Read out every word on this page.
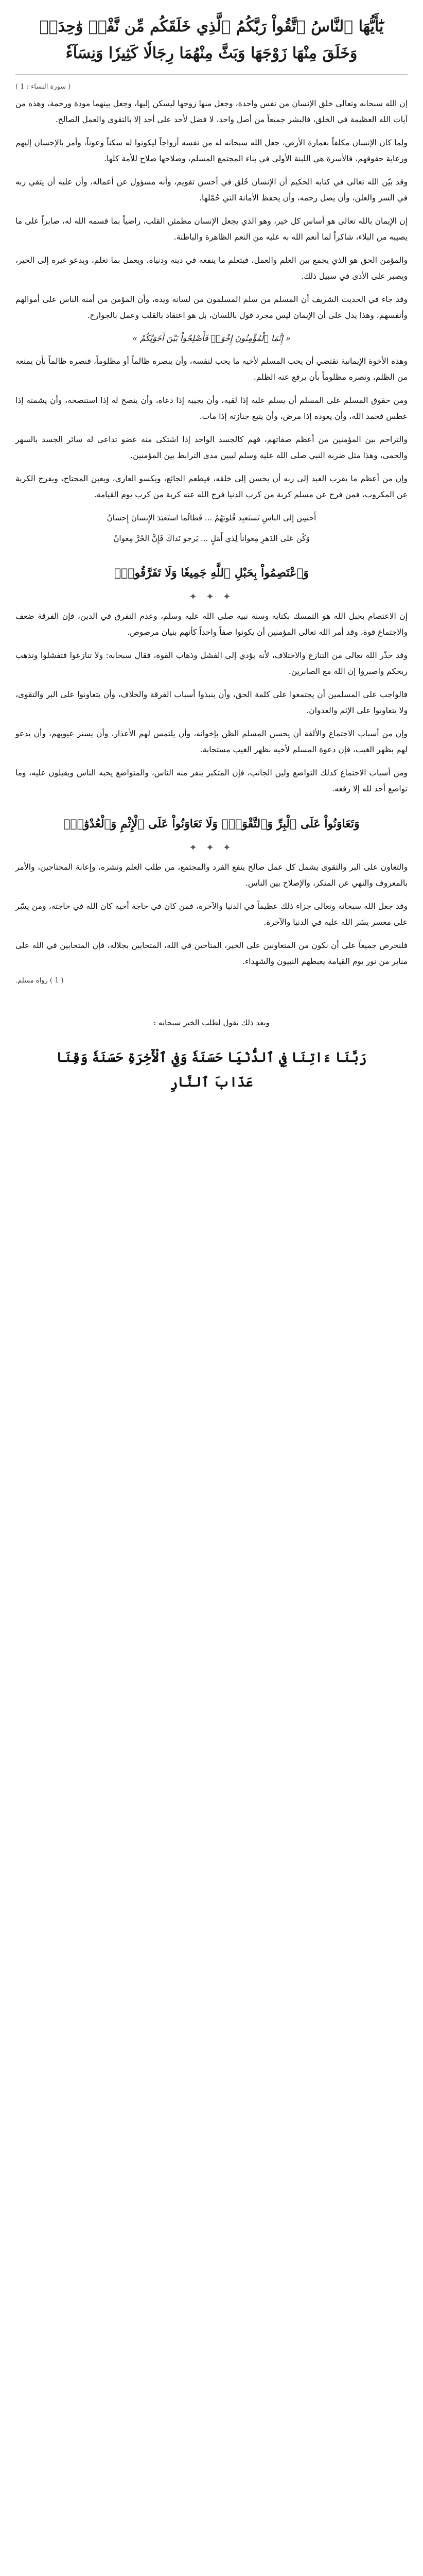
يَٰٓأَيُّهَا ٱلنَّاسُ ٱتَّقُواْ رَبَّكُمُ ٱلَّذِي خَلَقَكُم مِّن نَّفْسٖ وَٰحِدَةٖ وَخَلَقَ مِنْهَا زَوْجَهَا وَبَثَّ مِنْهُمَا رِجَالٗا كَثِيرٗا وَنِسَآءٗ
( سورة النساء : 1 )

إن الله سبحانه وتعالى خلق الإنسان من نفس واحدة، وجعل منها زوجها ليسكن إليها، وجعل بينهما مودة ورحمة، وهذه من آيات الله العظيمة في الخلق، فالبشر جميعاً من أصل واحد، لا فضل لأحد على أحد إلا بالتقوى والعمل الصالح.

ولما كان الإنسان مكلفاً بعمارة الأرض، جعل الله سبحانه له من نفسه أزواجاً ليكونوا له سكناً وعوناً، وأمر بالإحسان إليهم ورعاية حقوقهم، فالأسرة هي اللبنة الأولى في بناء المجتمع المسلم، وصلاحها صلاح للأمة كلها.

وقد بيّن الله تعالى في كتابه الحكيم أن الإنسان خُلق في أحسن تقويم، وأنه مسؤول عن أعماله، وأن عليه أن يتقي ربه في السر والعلن، وأن يصل رحمه، وأن يحفظ الأمانة التي حُمّلها.

إن الإيمان بالله تعالى هو أساس كل خير، وهو الذي يجعل الإنسان مطمئن القلب، راضياً بما قسمه الله له، صابراً على ما يصيبه من البلاء، شاكراً لما أنعم الله به عليه من النعم الظاهرة والباطنة.

والمؤمن الحق هو الذي يجمع بين العلم والعمل، فيتعلم ما ينفعه في دينه ودنياه، ويعمل بما تعلم، ويدعو غيره إلى الخير، ويصبر على الأذى في سبيل ذلك.

وقد جاء في الحديث الشريف أن المسلم من سلم المسلمون من لسانه ويده، وأن المؤمن من أمنه الناس على أموالهم وأنفسهم، وهذا يدل على أن الإيمان ليس مجرد قول باللسان، بل هو اعتقاد بالقلب وعمل بالجوارح.

« إِنَّمَا ٱلْمُؤْمِنُونَ إِخْوَةٞ فَأَصْلِحُواْ بَيْنَ أَخَوَيْكُمْ »

وهذه الأخوة الإيمانية تقتضي أن يحب المسلم لأخيه ما يحب لنفسه، وأن ينصره ظالماً أو مظلوماً، فنصره ظالماً بأن يمنعه من الظلم، ونصره مظلوماً بأن يرفع عنه الظلم.

ومن حقوق المسلم على المسلم أن يسلم عليه إذا لقيه، وأن يجيبه إذا دعاه، وأن ينصح له إذا استنصحه، وأن يشمته إذا عطس فحمد الله، وأن يعوده إذا مرض، وأن يتبع جنازته إذا مات.

والتراحم بين المؤمنين من أعظم صفاتهم، فهم كالجسد الواحد إذا اشتكى منه عضو تداعى له سائر الجسد بالسهر والحمى، وهذا مثل ضربه النبي صلى الله عليه وسلم ليبين مدى الترابط بين المؤمنين.

وإن من أعظم ما يقرب العبد إلى ربه أن يحسن إلى خلقه، فيطعم الجائع، ويكسو العاري، ويعين المحتاج، ويفرج الكربة عن المكروب، فمن فرج عن مسلم كربة من كرب الدنيا فرج الله عنه كربة من كرب يوم القيامة.

أَحسِن إلى الناسِ تَستَعبِد قُلوبَهُمُ ... فَطالَما استَعبَدَ الإِنسانَ إِحسانُ
وَكُن عَلى الدَهرِ مِعواناً لِذي أَمَلٍ ... يَرجو نَداكَ فَإِنَّ الحُرَّ مِعوانُ
وَٱعْتَصِمُواْ بِحَبْلِ ٱللَّهِ جَمِيعٗا وَلَا تَفَرَّقُواْۚ
✦ ✦ ✦

إن الاعتصام بحبل الله هو التمسك بكتابه وسنة نبيه صلى الله عليه وسلم، وعدم التفرق في الدين، فإن الفرقة ضعف والاجتماع قوة، وقد أمر الله تعالى المؤمنين أن يكونوا صفاً واحداً كأنهم بنيان مرصوص.

وقد حذّر الله تعالى من التنازع والاختلاف، لأنه يؤدي إلى الفشل وذهاب القوة، فقال سبحانه: ولا تنازعوا فتفشلوا وتذهب ريحكم واصبروا إن الله مع الصابرين.

فالواجب على المسلمين أن يجتمعوا على كلمة الحق، وأن ينبذوا أسباب الفرقة والخلاف، وأن يتعاونوا على البر والتقوى، ولا يتعاونوا على الإثم والعدوان.

وإن من أسباب الاجتماع والألفة أن يحسن المسلم الظن بإخوانه، وأن يلتمس لهم الأعذار، وأن يستر عيوبهم، وأن يدعو لهم بظهر الغيب، فإن دعوة المسلم لأخيه بظهر الغيب مستجابة.

ومن أسباب الاجتماع كذلك التواضع ولين الجانب، فإن المتكبر ينفر منه الناس، والمتواضع يحبه الناس ويقبلون عليه، وما تواضع أحد لله إلا رفعه.

وَتَعَاوَنُواْ عَلَى ٱلْبِرِّ وَٱلتَّقْوَىٰۖ وَلَا تَعَاوَنُواْ عَلَى ٱلْإِثْمِ وَٱلْعُدْوَٰنِۚ
✦ ✦ ✦

والتعاون على البر والتقوى يشمل كل عمل صالح ينفع الفرد والمجتمع، من طلب العلم ونشره، وإعانة المحتاجين، والأمر بالمعروف والنهي عن المنكر، والإصلاح بين الناس.

وقد جعل الله سبحانه وتعالى جزاء ذلك عظيماً في الدنيا والآخرة، فمن كان في حاجة أخيه كان الله في حاجته، ومن يسّر على معسر يسّر الله عليه في الدنيا والآخرة.

فلنحرص جميعاً على أن نكون من المتعاونين على الخير، المتآخين في الله، المتحابين بجلاله، فإن المتحابين في الله على منابر من نور يوم القيامة يغبطهم النبيون والشهداء.

( 1 ) رواه مسلم.
وبعد ذلك نقول لطلب الخير سبحانه :
رَبَّنَا ءَاتِنَا فِي ٱلدُّنْيَا حَسَنَةٗ وَفِي ٱلْأٓخِرَةِ حَسَنَةٗ وَقِنَا عَذَابَ ٱلنَّارِ
